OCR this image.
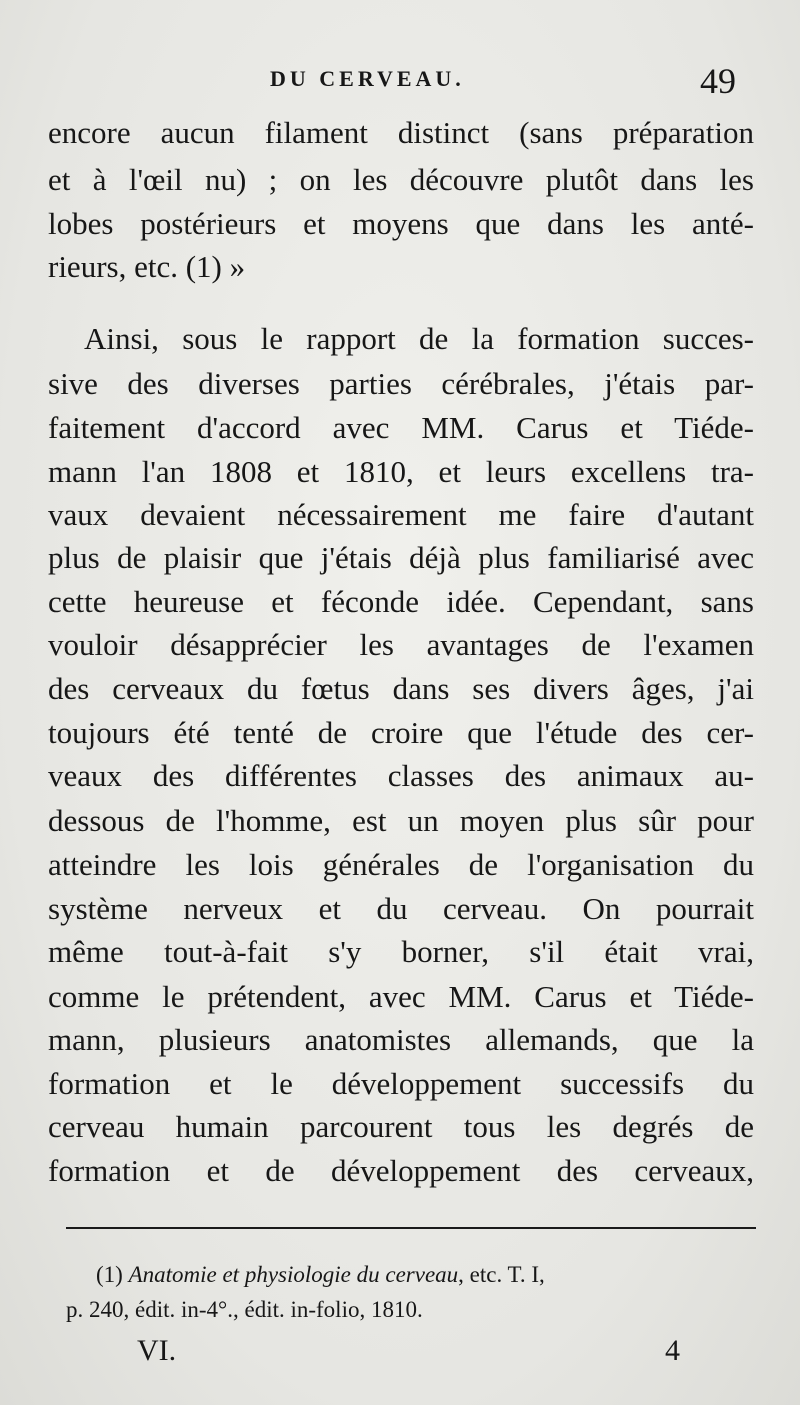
DU CERVEAU.	49
encore aucun filament distinct (sans préparation
et à l'œil nu) ; on les découvre plutôt dans les
lobes postérieurs et moyens que dans les anté-
rieurs, etc. (1) »
Ainsi, sous le rapport de la formation succes-
sive des diverses parties cérébrales, j'étais par-
faitement d'accord avec MM. Carus et Tiéde-
mann l'an 1808 et 1810, et leurs excellens tra-
vaux devaient nécessairement me faire d'autant
plus de plaisir que j'étais déjà plus familiarisé avec
cette heureuse et féconde idée. Cependant, sans
vouloir désapprécier les avantages de l'examen
des cerveaux du fœtus dans ses divers âges, j'ai
toujours été tenté de croire que l'étude des cer-
veaux des différentes classes des animaux au-
dessous de l'homme, est un moyen plus sûr pour
atteindre les lois générales de l'organisation du
système nerveux et du cerveau. On pourrait
même tout-à-fait s'y borner, s'il était vrai,
comme le prétendent, avec MM. Carus et Tiéde-
mann, plusieurs anatomistes allemands, que la
formation et le développement successifs du
cerveau humain parcourent tous les degrés de
formation et de développement des cerveaux,
(1) Anatomie et physiologie du cerveau, etc. T. I,
p. 240, édit. in-4°., édit. in-folio, 1810.
VI.	4
